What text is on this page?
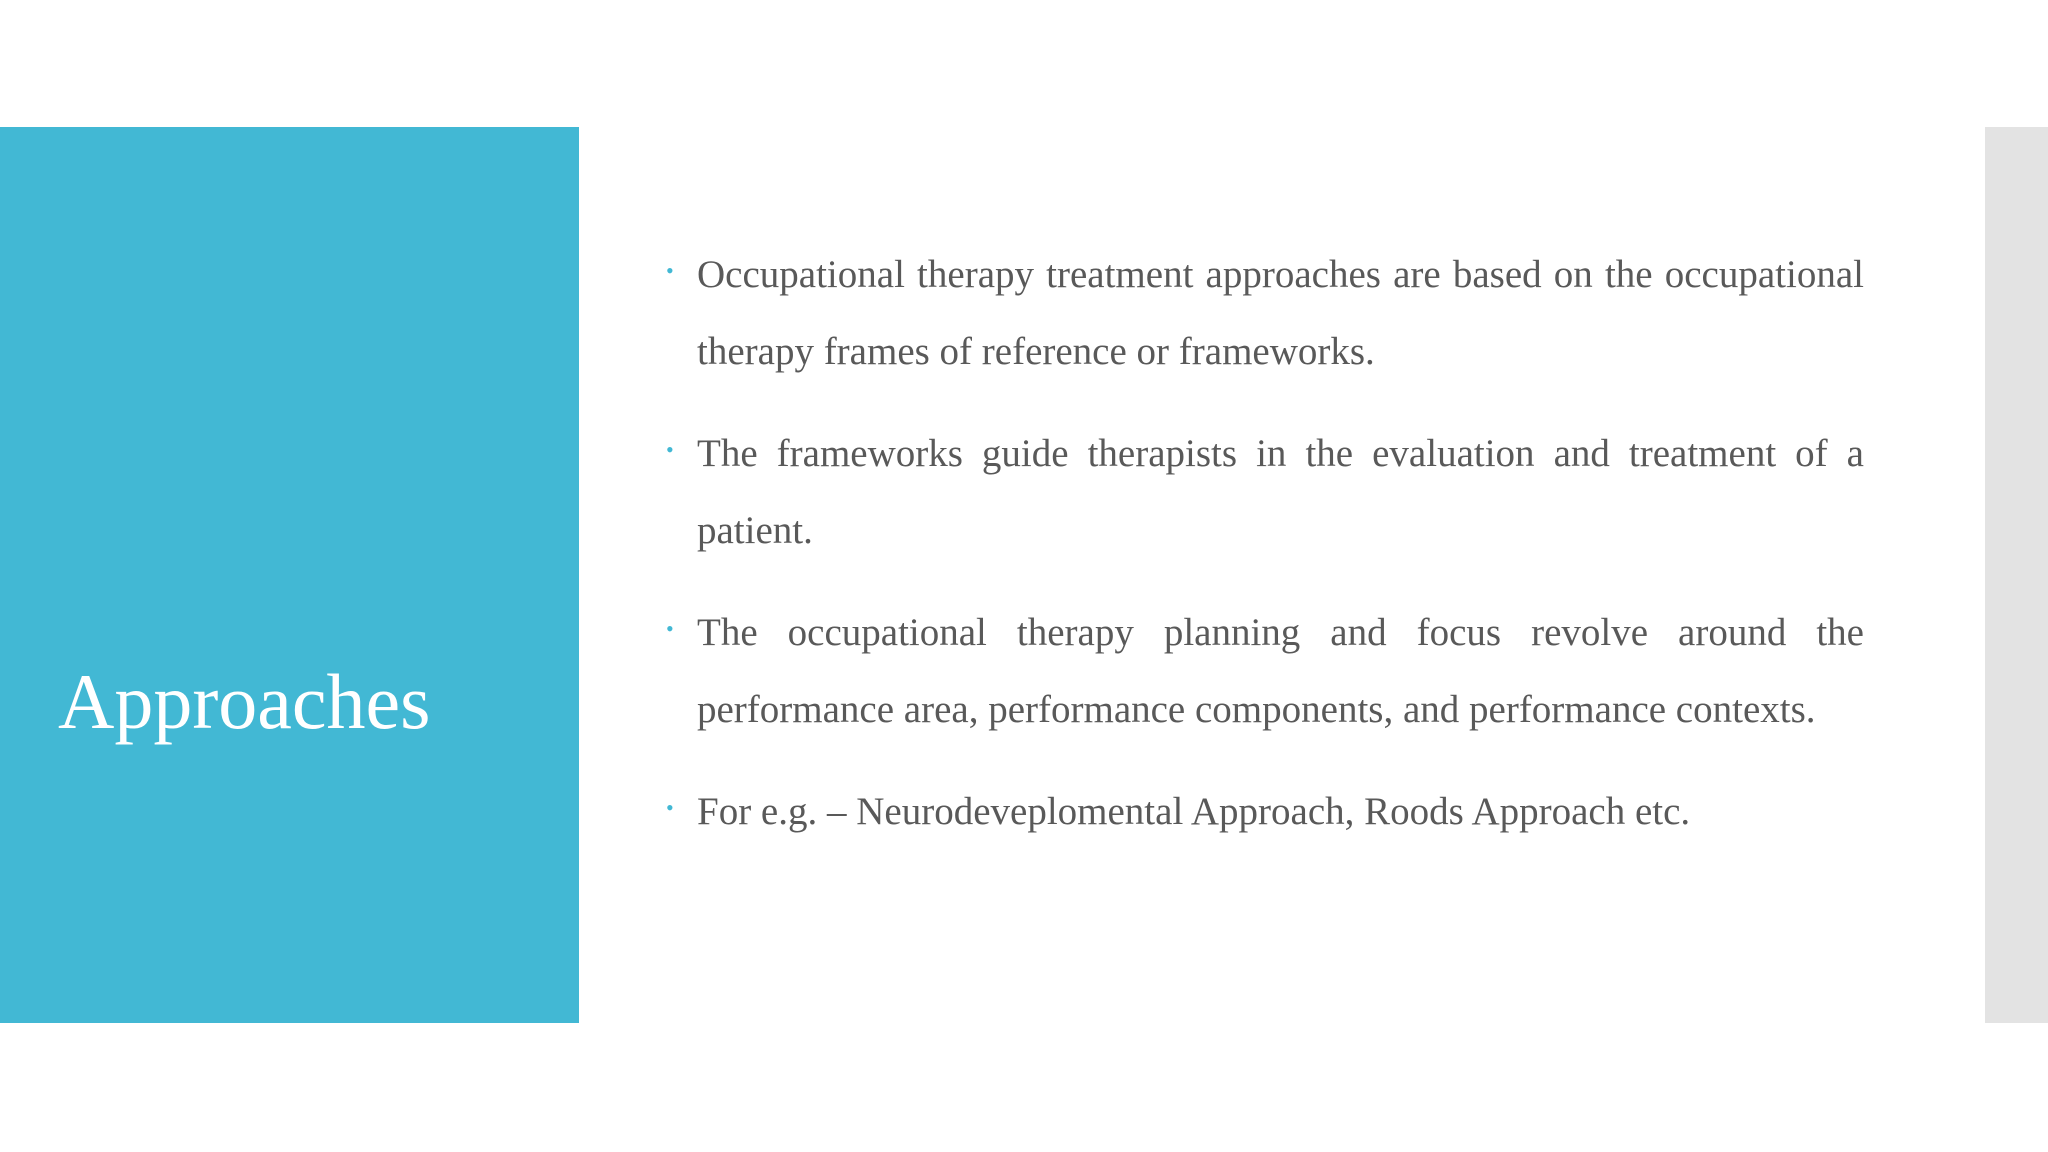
Approaches
• Occupational therapy treatment approaches are based on the occupational therapy frames of reference or frameworks.
• The frameworks guide therapists in the evaluation and treatment of a patient.
• The occupational therapy planning and focus revolve around the performance area, performance components, and performance contexts.
• For e.g. – Neurodeveplomental Approach, Roods Approach etc.
